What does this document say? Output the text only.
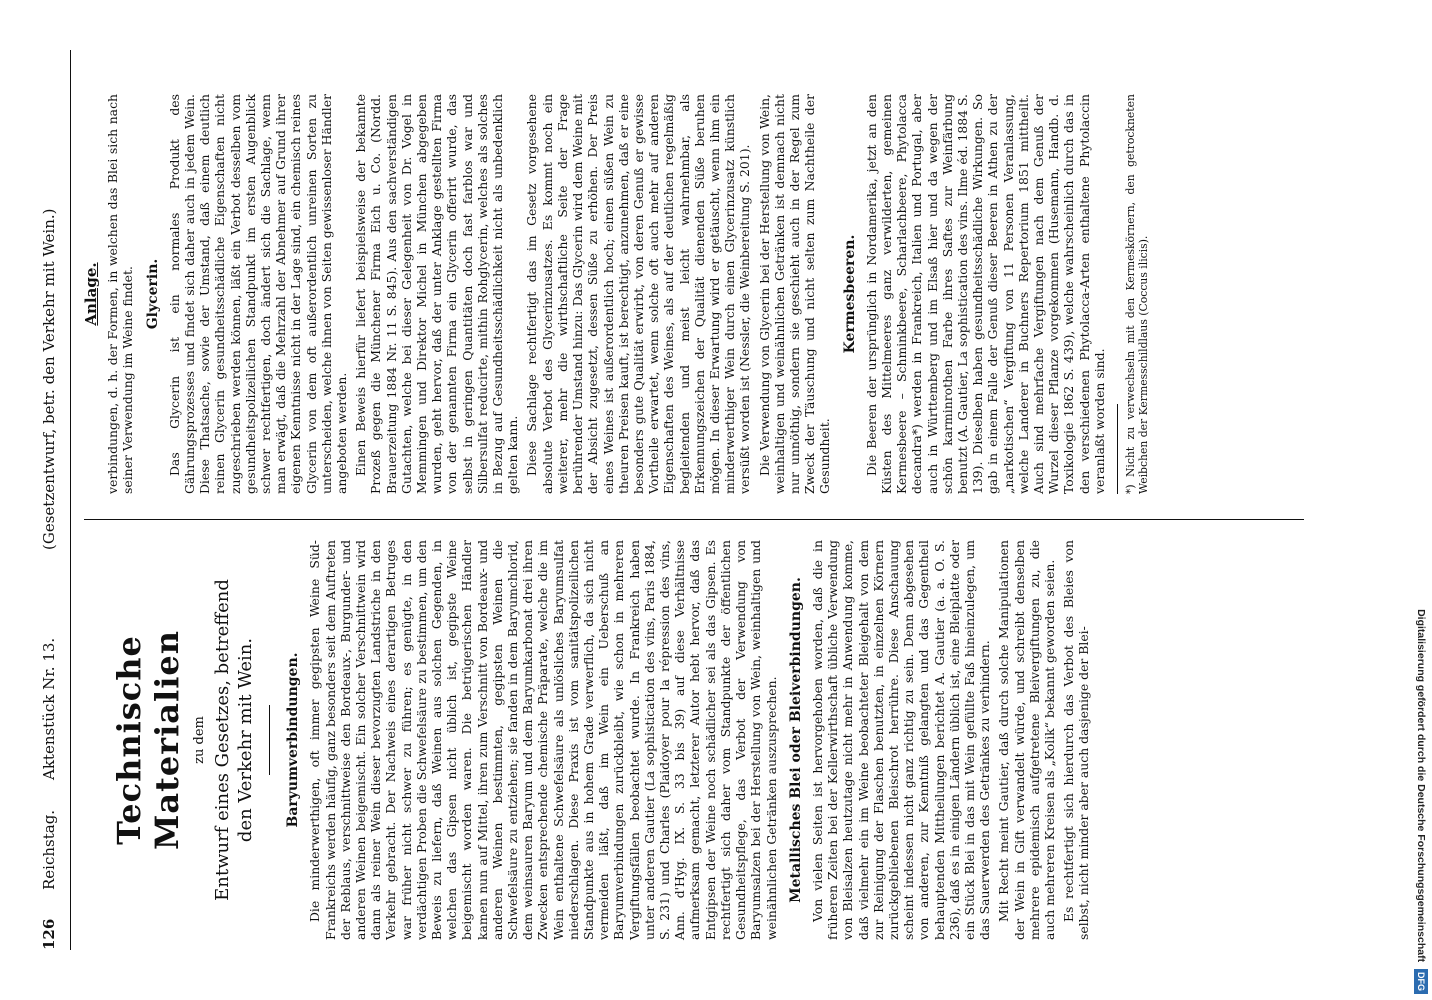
126
Reichstag.
Aktenstück Nr. 13.
(Gesetzentwurf, betr. den Verkehr mit Wein.)
Technische Materialien zu dem Entwurf eines Gesetzes, betreffend den Verkehr mit Wein. Baryumverbindungen. Die minderwerthigen, oft immer gegipsten Weine Süd-Frankreichs werden häufig, ganz besonders seit dem Auftreten der Reblaus, verschnittweise den Bordeaux-, Burgunder- und anderen Weinen beigemischt. Ein solcher Verschnittwein wird dann als reiner Wein dieser bevorzugten Landstriche in den Verkehr gebracht. Der Nachweis eines derartigen Betruges war früher nicht schwer zu führen; es genügte, in den verdächtigen Proben die Schwefelsäure zu bestimmen, um den Beweis zu liefern, daß Weinen aus solchen Gegenden, in welchen das Gipsen nicht üblich ist, gegipste Weine beigemischt worden waren. Die betrügerischen Händler kamen nun auf Mittel, ihren zum Verschnitt von Bordeaux- und anderen Weinen bestimmten, gegipsten Weinen die Schwefelsäure zu entziehen; sie fanden in dem Baryumchlorid, dem weinsauren Baryum und dem Baryumkarbonat drei ihren Zwecken entsprechende chemische Präparate, welche die im Wein enthaltene Schwefelsäure als unlösliches Baryumsulfat niederschlagen. Diese Praxis ist vom sanitätspolizeilichen Standpunkte aus in hohem Grade verwerflich, da sich nicht vermeiden läßt, daß im Wein ein Ueberschuß an Baryumverbindungen zurückbleibt, wie schon in mehreren Vergiftungsfällen beobachtet wurde. In Frankreich haben unter anderen Gautier (La sophistication des vins, Paris 1884, S. 231) und Charles (Plaidoyer pour la répression des vins, Ann. d'Hyg. IX. S. 33 bis 39) auf diese Verhältnisse aufmerksam gemacht, letzterer Autor hebt hervor, daß das Entgipsen der Weine noch schädlicher sei als das Gipsen. Es rechtfertigt sich daher vom Standpunkte der öffentlichen Gesundheitspflege, das Verbot der Verwendung von Baryumsalzen bei der Herstellung von Wein, weinhaltigen und weinähnlichen Getränken auszusprechen. Metallisches Blei oder Bleiverbindungen. Von vielen Seiten ist hervorgehoben worden, daß die in früheren Zeiten bei der Kellerwirthschaft übliche Verwendung von Bleisalzen heutzutage nicht mehr in Anwendung komme, daß vielmehr ein im Weine beobachteter Bleigehalt von dem zur Reinigung der Flaschen benutzten, in einzelnen Körnern zurückgebliebenen Bleischrot herrühre. Diese Anschauung scheint indessen nicht ganz richtig zu sein. Denn abgesehen von anderen, zur Kenntniß gelangten und das Gegentheil behauptenden Mittheilungen berichtet A. Gautier (a. a. O. S. 236), daß es in einigen Ländern üblich ist, eine Bleiplatte oder ein Stück Blei in das mit Wein gefüllte Faß hineinzulegen, um das Sauerwerden des Getränkes zu verhindern. Mit Recht meint Gautier, daß durch solche Manipulationen der Wein in Gift verwandelt würde, und schreibt denselben mehrere epidemisch aufgetretene Bleivergiftungen zu, die auch mehreren Kreisen als „Kolik“ bekannt geworden seien. Es rechtfertigt sich hierdurch das Verbot des Bleies von selbst, nicht minder aber auch dasjenige der Blei-

Anlage. verbindungen, d. h. der Formen, in welchen das Blei sich nach seiner Verwendung im Weine findet. Glycerin. Das Glycerin ist ein normales Produkt des Gährungsprozesses und findet sich daher auch in jedem Wein. Diese Thatsache, sowie der Umstand, daß einem deutlich reinen Glycerin gesundheitsschädliche Eigenschaften nicht zugeschrieben werden können, läßt ein Verbot desselben vom gesundheitspolizeilichen Standpunkt im ersten Augenblick schwer rechtfertigen, doch ändert sich die Sachlage, wenn man erwägt, daß die Mehrzahl der Abnehmer auf Grund ihrer eigenen Kenntnisse nicht in der Lage sind, ein chemisch reines Glycerin von dem oft außerordentlich unreinen Sorten zu unterscheiden, welche ihnen von Seiten gewissenloser Händler angeboten werden. Einen Beweis hierfür liefert beispielsweise der bekannte Prozeß gegen die Münchener Firma Eich u. Co. (Nordd. Brauerzeitung 1884 Nr. 11 S. 845). Aus den sachverständigen Gutachten, welche bei dieser Gelegenheit von Dr. Vogel in Memmingen und Direktor Michel in München abgegeben wurden, geht hervor, daß der unter Anklage gestellten Firma von der genannten Firma ein Glycerin offerirt wurde, das selbst in geringen Quantitäten doch fast farblos war und Silbersulfat reducirte, mithin Rohglycerin, welches als solches in Bezug auf Gesundheitsschädlichkeit nicht als unbedenklich gelten kann. Diese Sachlage rechtfertigt das im Gesetz vorgesehene absolute Verbot des Glycerinzusatzes. Es kommt noch ein weiterer, mehr die wirthschaftliche Seite der Frage berührender Umstand hinzu: Das Glycerin wird dem Weine mit der Absicht zugesetzt, dessen Süße zu erhöhen. Der Preis eines Weines ist außerordentlich hoch; einen süßen Wein zu theuren Preisen kauft, ist berechtigt, anzunehmen, daß er eine besonders gute Qualität erwirbt, von deren Genuß er gewisse Vortheile erwartet, wenn solche oft auch mehr auf anderen Eigenschaften des Weines, als auf der deutlichen regelmäßig begleitenden und meist leicht wahrnehmbar, als Erkennungszeichen der Qualität dienenden Süße beruhen mögen. In dieser Erwartung wird er getäuscht, wenn ihm ein minderwerthiger Wein durch einen Glycerinzusatz künstlich versüßt worden ist (Nessler, die Weinbereitung S. 201). Die Verwendung von Glycerin bei der Herstellung von Wein, weinhaltigen und weinähnlichen Getränken ist demnach nicht nur unnöthig, sondern sie geschieht auch in der Regel zum Zweck der Täuschung und nicht selten zum Nachtheile der Gesundheit.

Kermesbeeren. Die Beeren der ursprünglich in Nordamerika, jetzt an den Küsten des Mittelmeeres ganz verwilderten, gemeinen Kermesbeere – Schminkbeere, Scharlachbeere, Phytolacca decandra*) werden in Frankreich, Italien und Portugal, aber auch in Württemberg und im Elsaß hier und da wegen der schön karminrothen Farbe ihres Saftes zur Weinfärbung benutzt (A. Gautier, La sophistication des vins. Ilme éd. 1884 S. 139). Dieselben haben gesundheitsschädliche Wirkungen. So gab in einem Falle der Genuß dieser Beeren in Athen zu der „narkotischen“ Vergiftung von 11 Personen Veranlassung, welche Landerer in Buchners Repertorium 1851 mittheilt. Auch sind mehrfache Vergiftungen nach dem Genuß der Wurzel dieser Pflanze vorgekommen (Husemann, Handb. d. Toxikologie 1862 S. 439), welche wahrscheinlich durch das in den verschiedenen Phytolacca-Arten enthaltene Phytolaccin veranlaßt worden sind. *) Nicht zu verwechseln mit den Kermeskörnern, den getrockneten Weibchen der Kermesschildlaus (Coccus ilicis).

Digitalisierung gefördert durch die Deutsche Forschungsgemeinschaft DFG
